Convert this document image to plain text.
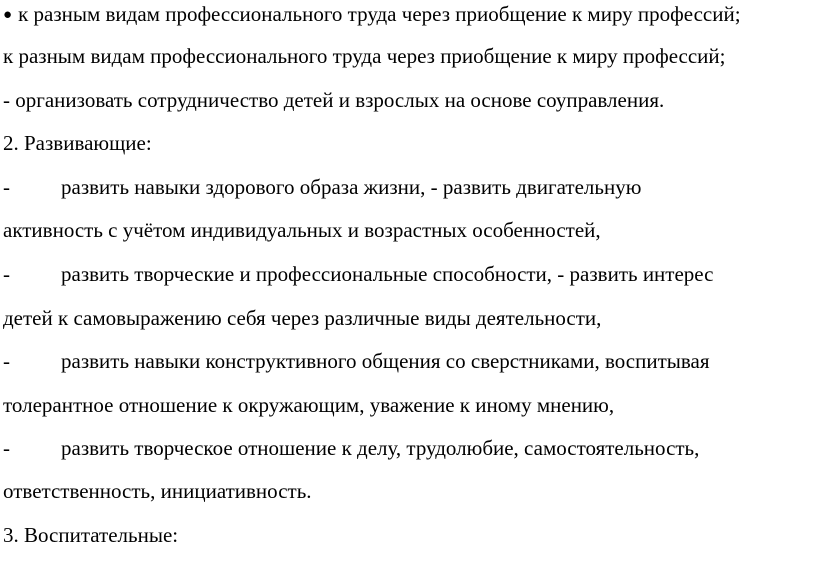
● к разным видам профессионального труда через приобщение к миру профессий;
к разным видам профессионального труда через приобщение к миру профессий;
- организовать сотрудничество детей и взрослых на основе соуправления.
2. Развивающие:
- развить навыки здорового образа жизни, - развить двигательную
активность с учётом индивидуальных и возрастных особенностей,
- развить творческие и профессиональные способности, - развить интерес
детей к самовыражению себя через различные виды деятельности,
- развить навыки конструктивного общения со сверстниками, воспитывая
толерантное отношение к окружающим, уважение к иному мнению,
- развить творческое отношение к делу, трудолюбие, самостоятельность,
ответственность, инициативность.
3. Воспитательные:
